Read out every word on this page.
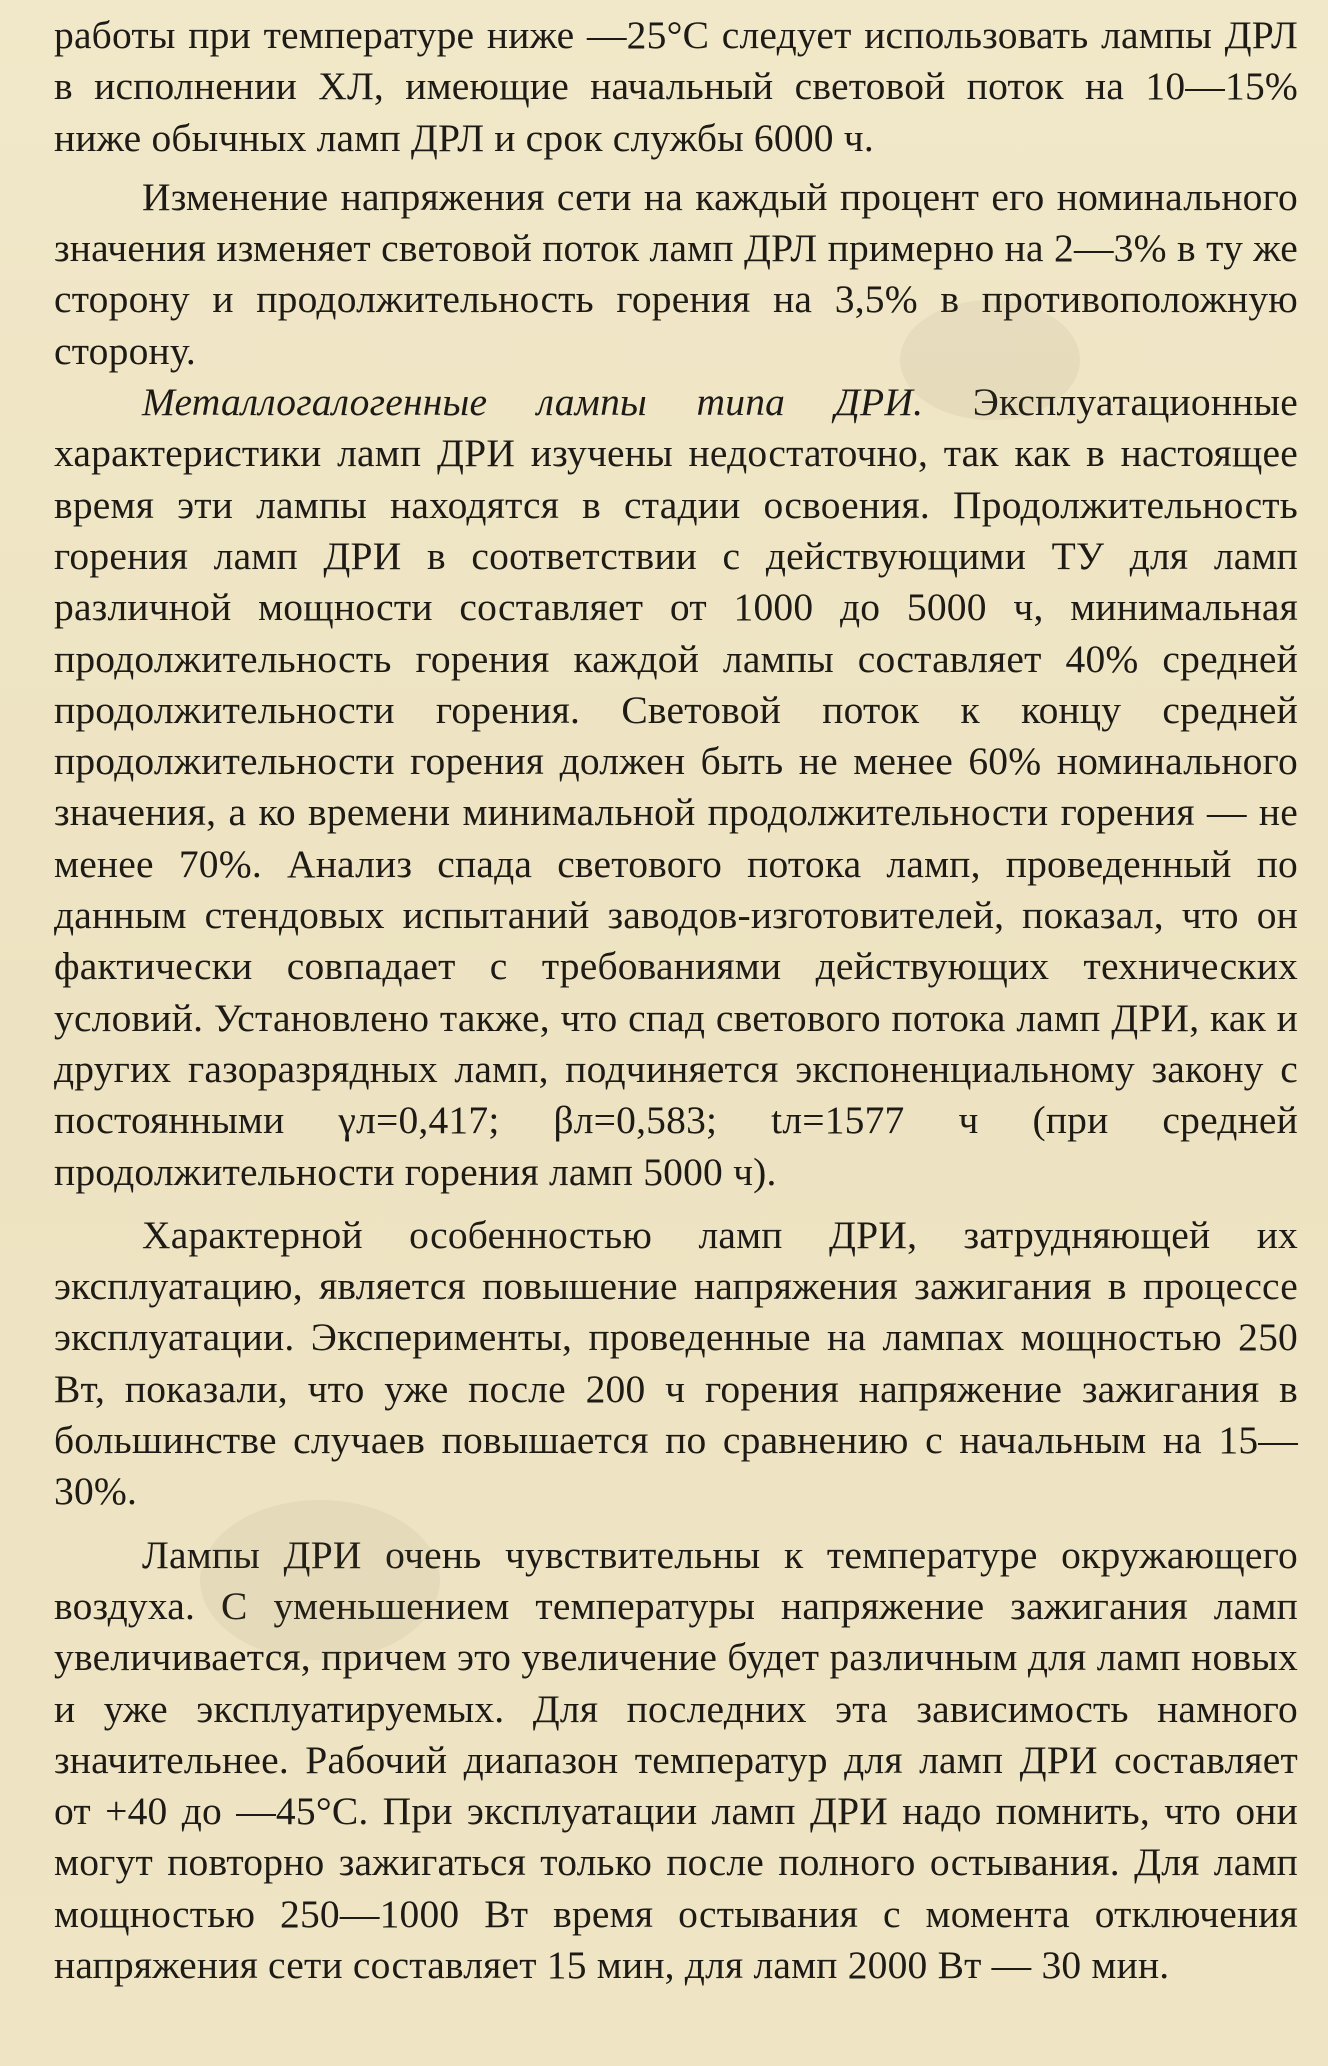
работы при температуре ниже —25°С следует использовать лампы ДРЛ в исполнении ХЛ, имеющие начальный световой поток на 10—15% ниже обычных ламп ДРЛ и срок службы 6000 ч.

Изменение напряжения сети на каждый процент его номинального значения изменяет световой поток ламп ДРЛ примерно на 2—3% в ту же сторону и продолжительность горения на 3,5% в противоположную сторону.

Металлогалогенные лампы типа ДРИ. Эксплуатационные характеристики ламп ДРИ изучены недостаточно, так как в настоящее время эти лампы находятся в стадии освоения. Продолжительность горения ламп ДРИ в соответствии с действующими ТУ для ламп различной мощности составляет от 1000 до 5000 ч, минимальная продолжительность горения каждой лампы составляет 40% средней продолжительности горения. Световой поток к концу средней продолжительности горения должен быть не менее 60% номинального значения, а ко времени минимальной продолжительности горения — не менее 70%. Анализ спада светового потока ламп, проведенный по данным стендовых испытаний заводов-изготовителей, показал, что он фактически совпадает с требованиями действующих технических условий. Установлено также, что спад светового потока ламп ДРИ, как и других газоразрядных ламп, подчиняется экспоненциальному закону с постоянными γл=0,417; βл=0,583; tл=1577 ч (при средней продолжительности горения ламп 5000 ч).

Характерной особенностью ламп ДРИ, затрудняющей их эксплуатацию, является повышение напряжения зажигания в процессе эксплуатации. Эксперименты, проведенные на лампах мощностью 250 Вт, показали, что уже после 200 ч горения напряжение зажигания в большинстве случаев повышается по сравнению с начальным на 15—30%.

Лампы ДРИ очень чувствительны к температуре окружающего воздуха. С уменьшением температуры напряжение зажигания ламп увеличивается, причем это увеличение будет различным для ламп новых и уже эксплуатируемых. Для последних эта зависимость намного значительнее. Рабочий диапазон температур для ламп ДРИ составляет от +40 до —45°С. При эксплуатации ламп ДРИ надо помнить, что они могут повторно зажигаться только после полного остывания. Для ламп мощностью 250—1000 Вт время остывания с момента отключения напряжения сети составляет 15 мин, для ламп 2000 Вт — 30 мин.
